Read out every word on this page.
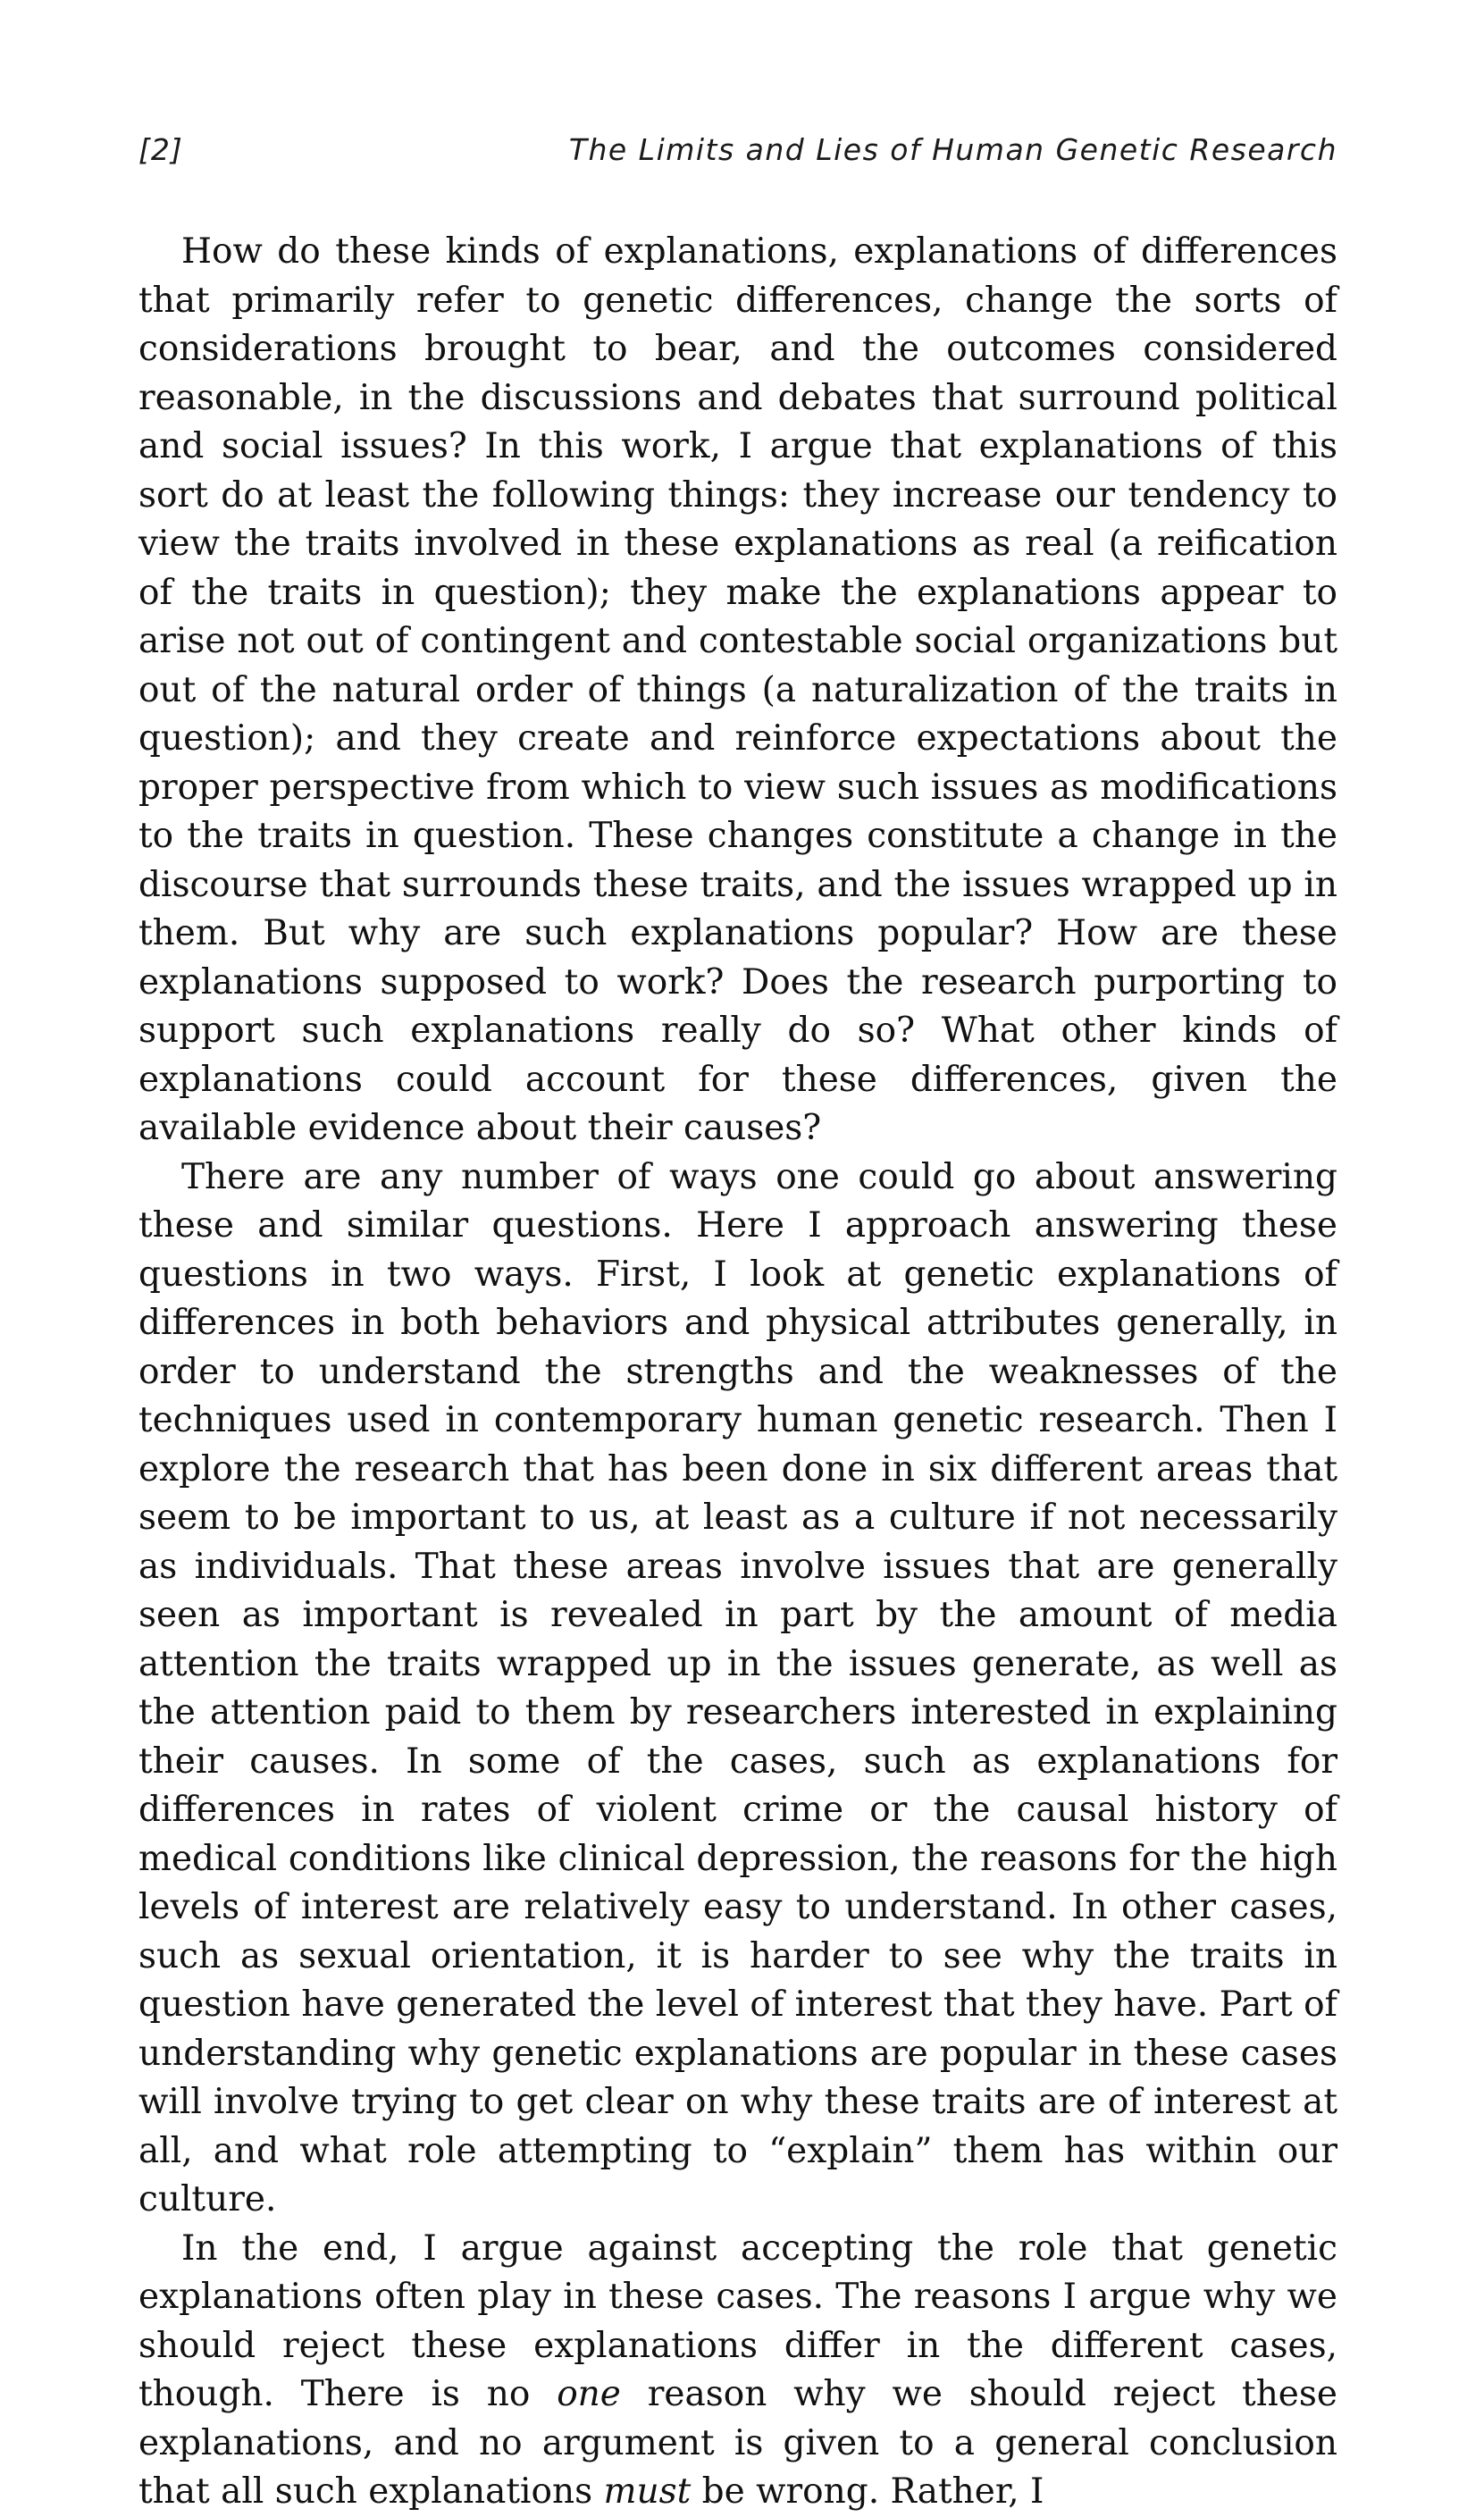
[2]	The Limits and Lies of Human Genetic Research

How do these kinds of explanations, explanations of differences that primarily refer to genetic differences, change the sorts of considerations brought to bear, and the outcomes considered reasonable, in the discussions and debates that surround political and social issues? In this work, I argue that explanations of this sort do at least the following things: they increase our tendency to view the traits involved in these explanations as real (a reification of the traits in question); they make the explanations appear to arise not out of contingent and contestable social organizations but out of the natural order of things (a naturalization of the traits in question); and they create and reinforce expectations about the proper perspective from which to view such issues as modifications to the traits in question. These changes constitute a change in the discourse that surrounds these traits, and the issues wrapped up in them. But why are such explanations popular? How are these explanations supposed to work? Does the research purporting to support such explanations really do so? What other kinds of explanations could account for these differences, given the available evidence about their causes?

There are any number of ways one could go about answering these and similar questions. Here I approach answering these questions in two ways. First, I look at genetic explanations of differences in both behaviors and physical attributes generally, in order to understand the strengths and the weaknesses of the techniques used in contemporary human genetic research. Then I explore the research that has been done in six different areas that seem to be important to us, at least as a culture if not necessarily as individuals. That these areas involve issues that are generally seen as important is revealed in part by the amount of media attention the traits wrapped up in the issues generate, as well as the attention paid to them by researchers interested in explaining their causes. In some of the cases, such as explanations for differences in rates of violent crime or the causal history of medical conditions like clinical depression, the reasons for the high levels of interest are relatively easy to understand. In other cases, such as sexual orientation, it is harder to see why the traits in question have generated the level of interest that they have. Part of understanding why genetic explanations are popular in these cases will involve trying to get clear on why these traits are of interest at all, and what role attempting to “explain” them has within our culture.

In the end, I argue against accepting the role that genetic explanations often play in these cases. The reasons I argue why we should reject these explanations differ in the different cases, though. There is no one reason why we should reject these explanations, and no argument is given to a general conclusion that all such explanations must be wrong. Rather, I
